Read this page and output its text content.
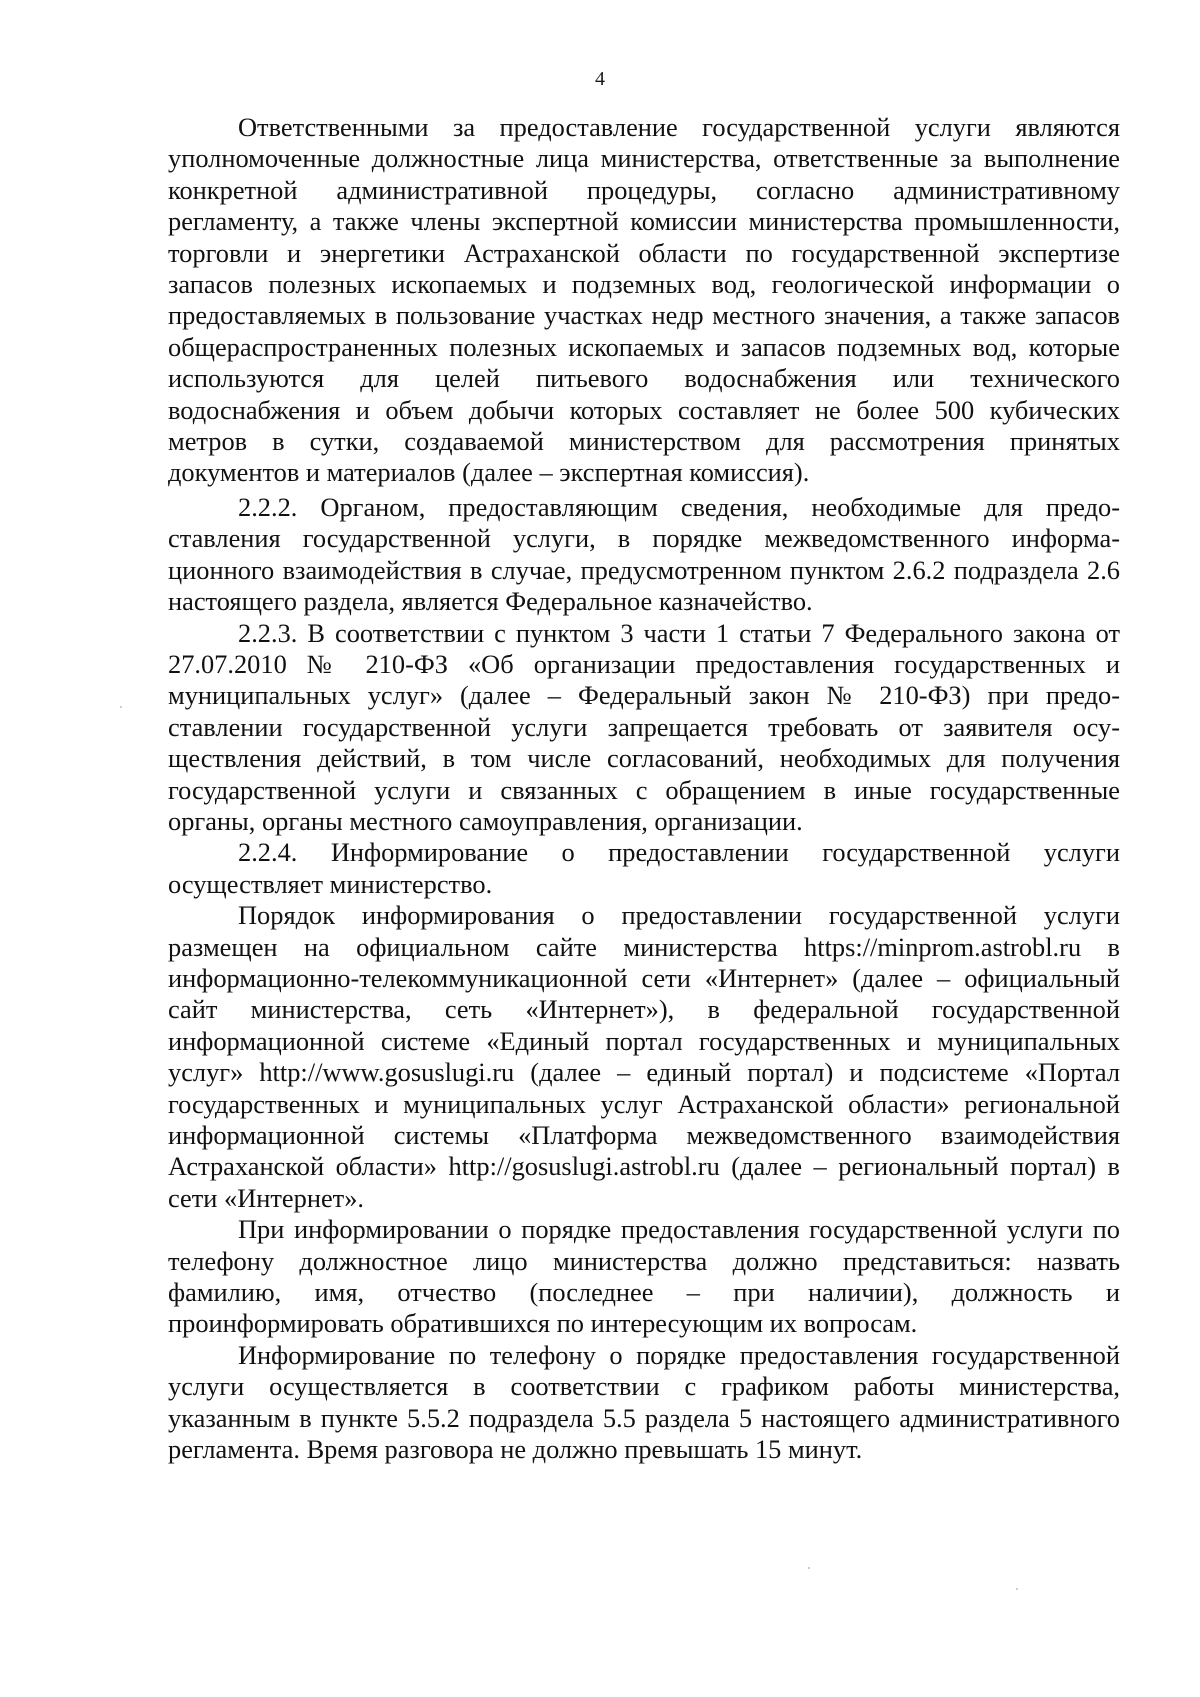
4

Ответственными за предоставление государственной услуги являются уполномоченные должностные лица министерства, ответственные за выполнение конкретной административной процедуры, согласно административному регламенту, а также члены экспертной комиссии министерства промышленности, торговли и энергетики Астраханской области по государственной экспертизе запасов полезных ископаемых и подземных вод, геологической информации о предоставляемых в пользование участках недр местного значения, а также запасов общераспространенных полезных ископаемых и запасов подземных вод, которые используются для целей питьевого водоснабжения или технического водоснабжения и объем добычи которых составляет не более 500 кубических метров в сутки, создаваемой министерством для рассмотрения принятых документов и материалов (далее – экспертная комиссия).

2.2.2. Органом, предоставляющим сведения, необходимые для предоставления государственной услуги, в порядке межведомственного информационного взаимодействия в случае, предусмотренном пунктом 2.6.2 подраздела 2.6 настоящего раздела, является Федеральное казначейство.

2.2.3. В соответствии с пунктом 3 части 1 статьи 7 Федерального закона от 27.07.2010 № 210-ФЗ «Об организации предоставления государственных и муниципальных услуг» (далее – Федеральный закон № 210-ФЗ) при предоставлении государственной услуги запрещается требовать от заявителя осуществления действий, в том числе согласований, необходимых для получения государственной услуги и связанных с обращением в иные государственные органы, органы местного самоуправления, организации.

2.2.4. Информирование о предоставлении государственной услуги осуществляет министерство.

Порядок информирования о предоставлении государственной услуги размещен на официальном сайте министерства https://minprom.astrobl.ru в информационно-телекоммуникационной сети «Интернет» (далее – официальный сайт министерства, сеть «Интернет»), в федеральной государственной информационной системе «Единый портал государственных и муниципальных услуг» http://www.gosuslugi.ru (далее – единый портал) и подсистеме «Портал государственных и муниципальных услуг Астраханской области» региональной информационной системы «Платформа межведомственного взаимодействия Астраханской области» http://gosuslugi.astrobl.ru (далее – региональный портал) в сети «Интернет».

При информировании о порядке предоставления государственной услуги по телефону должностное лицо министерства должно представиться: назвать фамилию, имя, отчество (последнее – при наличии), должность и проинформировать обратившихся по интересующим их вопросам.

Информирование по телефону о порядке предоставления государственной услуги осуществляется в соответствии с графиком работы министерства, указанным в пункте 5.5.2 подраздела 5.5 раздела 5 настоящего административного регламента. Время разговора не должно превышать 15 минут.
